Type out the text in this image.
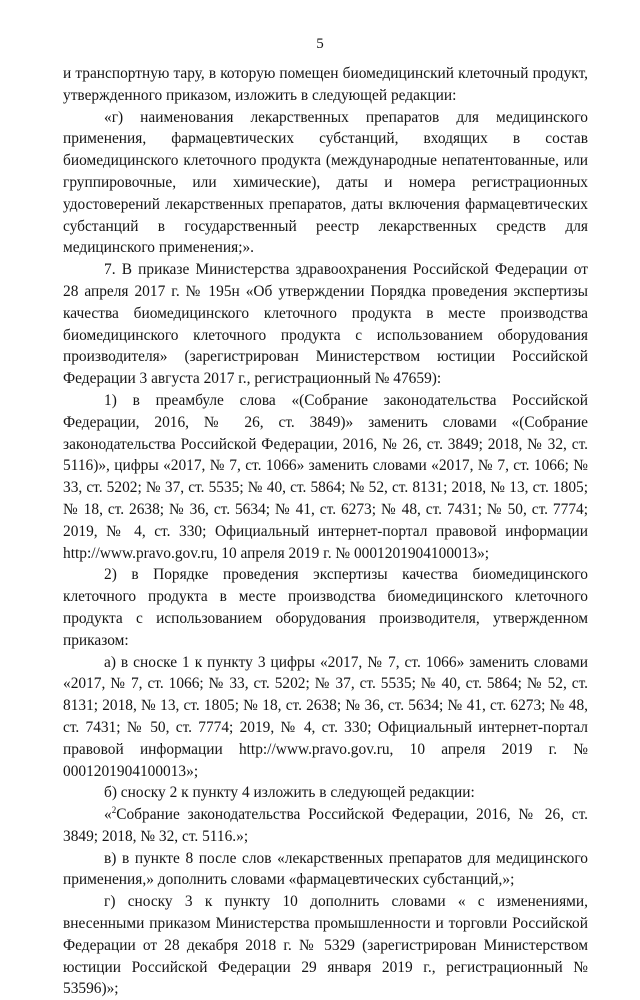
5

и транспортную тару, в которую помещен биомедицинский клеточный продукт, утвержденного приказом, изложить в следующей редакции:

«г) наименования лекарственных препаратов для медицинского применения, фармацевтических субстанций, входящих в состав биомедицинского клеточного продукта (международные непатентованные, или группировочные, или химические), даты и номера регистрационных удостоверений лекарственных препаратов, даты включения фармацевтических субстанций в государственный реестр лекарственных средств для медицинского применения;».

7. В приказе Министерства здравоохранения Российской Федерации от 28 апреля 2017 г. № 195н «Об утверждении Порядка проведения экспертизы качества биомедицинского клеточного продукта в месте производства биомедицинского клеточного продукта с использованием оборудования производителя» (зарегистрирован Министерством юстиции Российской Федерации 3 августа 2017 г., регистрационный № 47659):

1) в преамбуле слова «(Собрание законодательства Российской Федерации, 2016, № 26, ст. 3849)» заменить словами «(Собрание законодательства Российской Федерации, 2016, № 26, ст. 3849; 2018, № 32, ст. 5116)», цифры «2017, № 7, ст. 1066» заменить словами «2017, № 7, ст. 1066; № 33, ст. 5202; № 37, ст. 5535; № 40, ст. 5864; № 52, ст. 8131; 2018, № 13, ст. 1805; № 18, ст. 2638; № 36, ст. 5634; № 41, ст. 6273; № 48, ст. 7431; № 50, ст. 7774; 2019, № 4, ст. 330; Официальный интернет-портал правовой информации http://www.pravo.gov.ru, 10 апреля 2019 г. № 0001201904100013»;

2) в Порядке проведения экспертизы качества биомедицинского клеточного продукта в месте производства биомедицинского клеточного продукта с использованием оборудования производителя, утвержденном приказом:

а) в сноске 1 к пункту 3 цифры «2017, № 7, ст. 1066» заменить словами «2017, № 7, ст. 1066; № 33, ст. 5202; № 37, ст. 5535; № 40, ст. 5864; № 52, ст. 8131; 2018, № 13, ст. 1805; № 18, ст. 2638; № 36, ст. 5634; № 41, ст. 6273; № 48, ст. 7431; № 50, ст. 7774; 2019, № 4, ст. 330; Официальный интернет-портал правовой информации http://www.pravo.gov.ru, 10 апреля 2019 г. № 0001201904100013»;

б) сноску 2 к пункту 4 изложить в следующей редакции:

«$^2$Собрание законодательства Российской Федерации, 2016, № 26, ст. 3849; 2018, № 32, ст. 5116.»;

в) в пункте 8 после слов «лекарственных препаратов для медицинского применения,» дополнить словами «фармацевтических субстанций,»;

г) сноску 3 к пункту 10 дополнить словами « с изменениями, внесенными приказом Министерства промышленности и торговли Российской Федерации от 28 декабря 2018 г. № 5329 (зарегистрирован Министерством юстиции Российской Федерации 29 января 2019 г., регистрационный № 53596)»;
